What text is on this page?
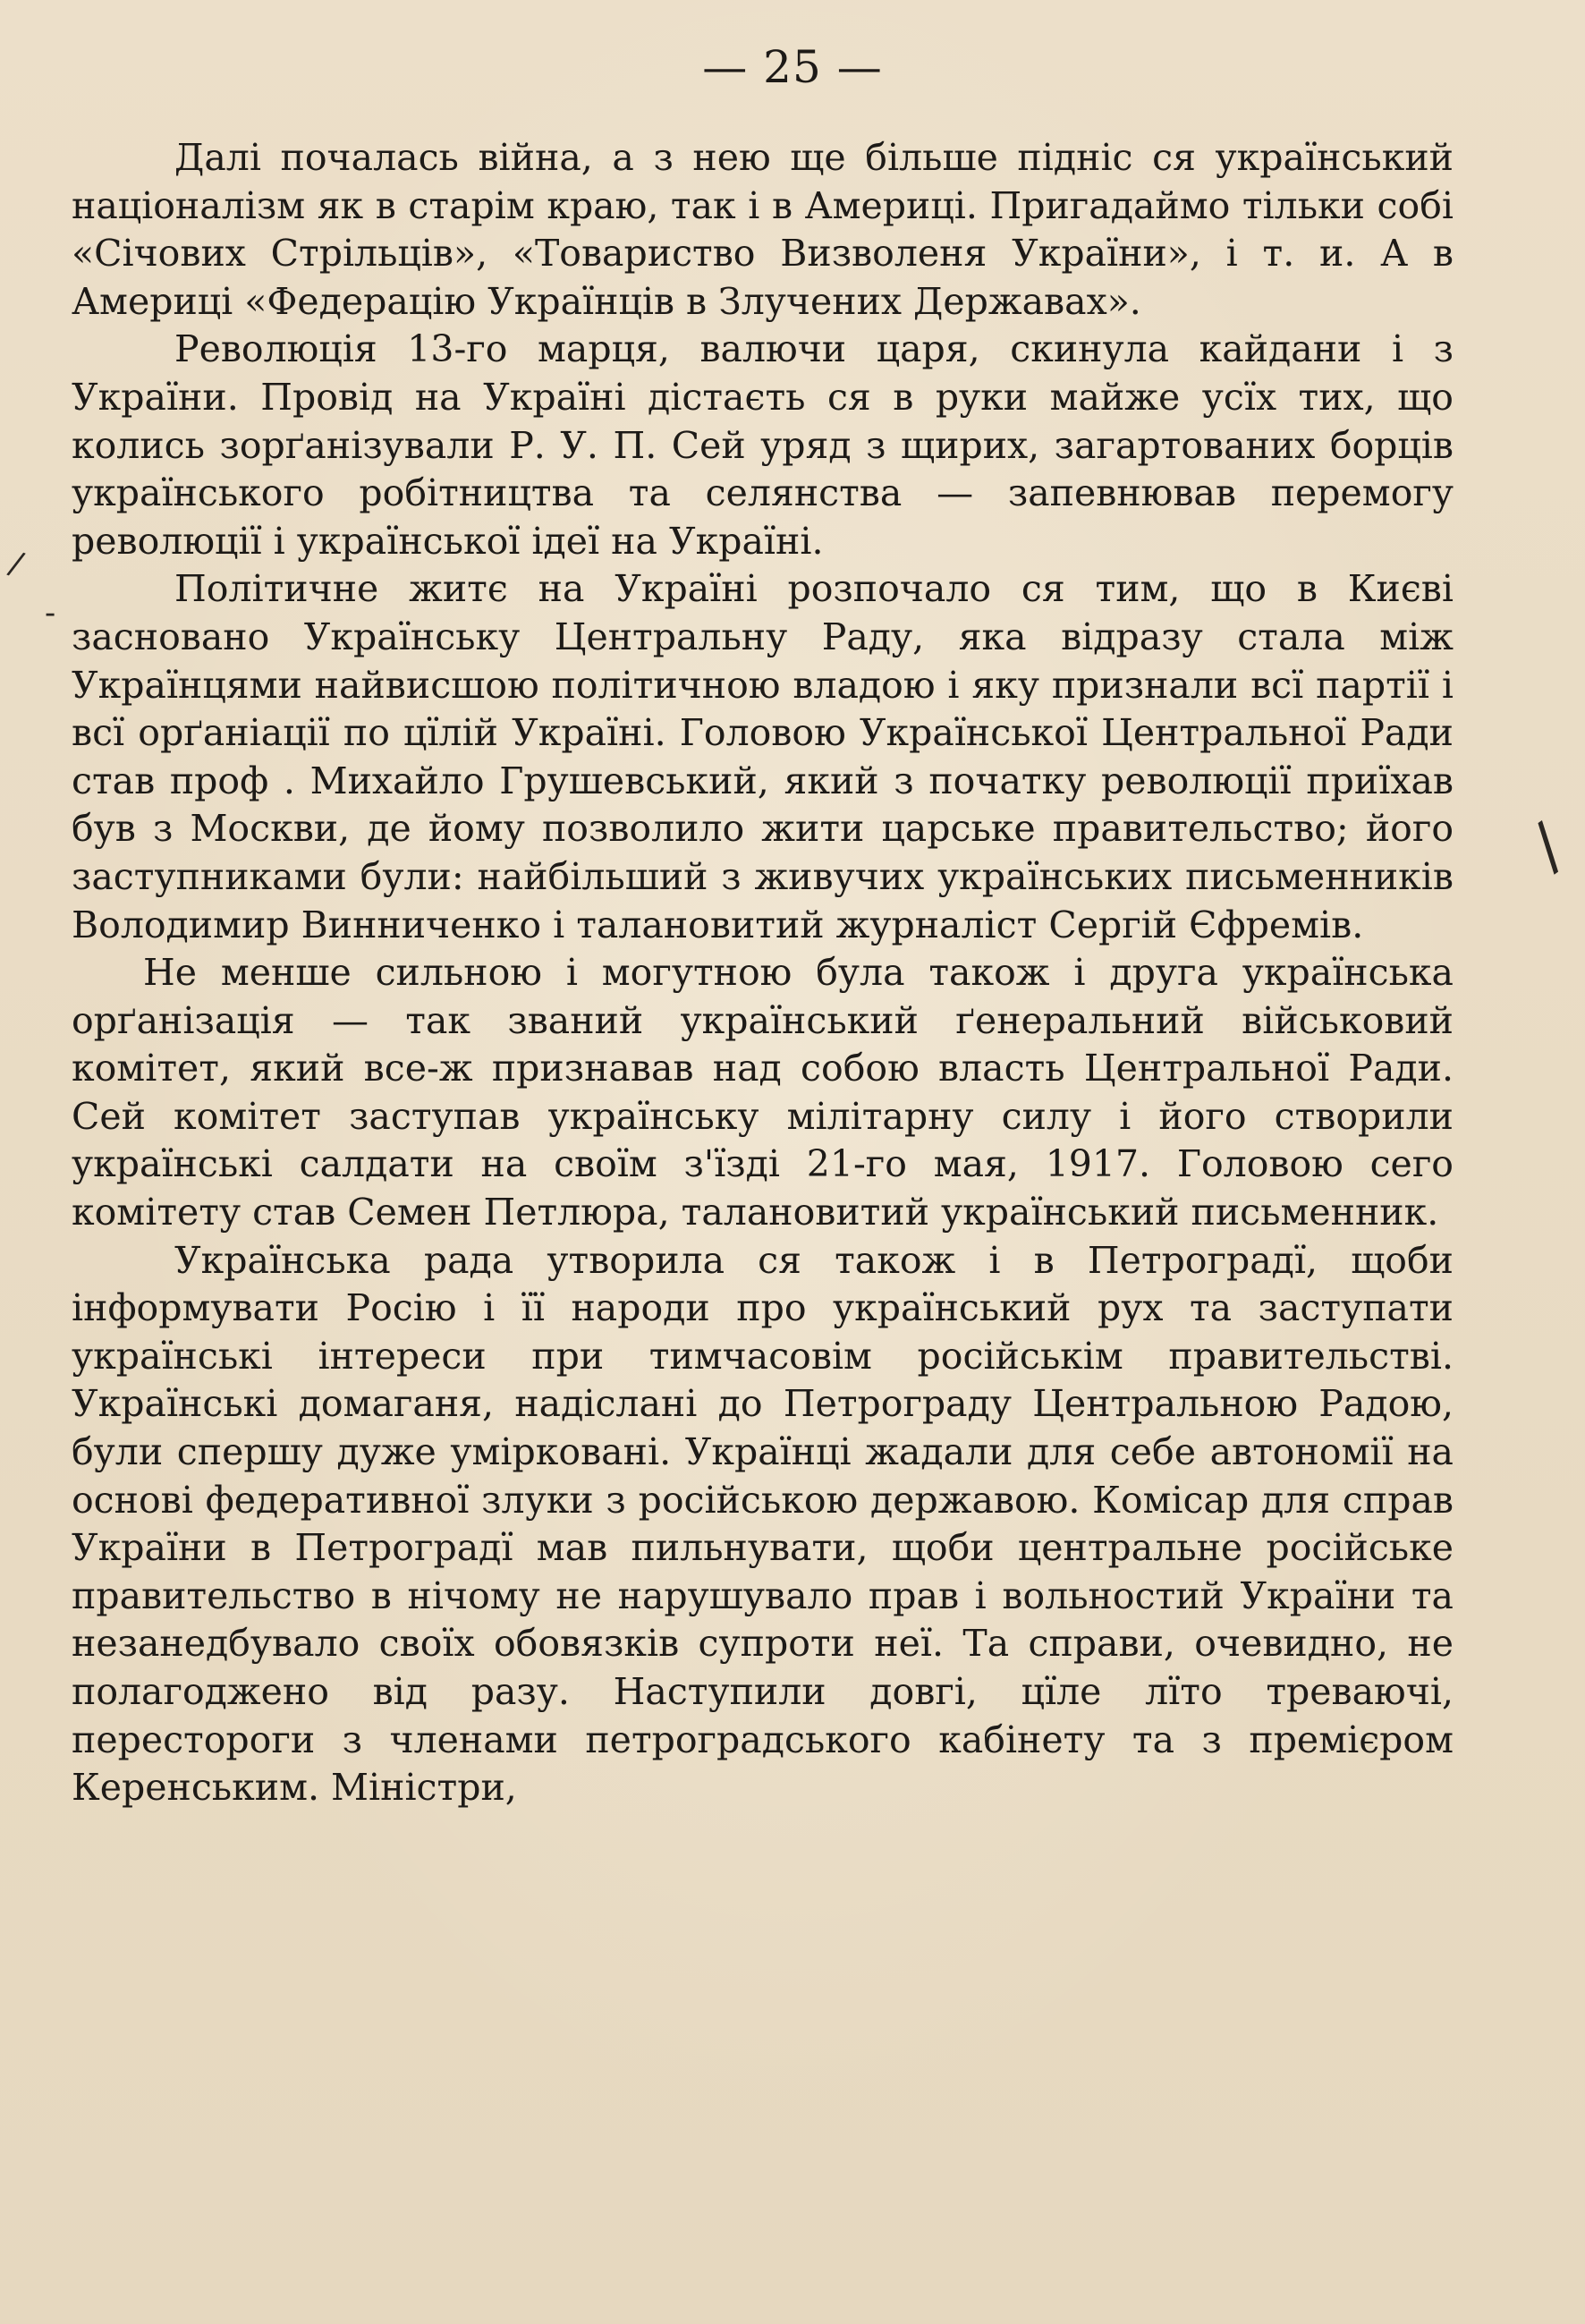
— 25 —

Далі почалась війна, а з нею ще більше підніс ся український націоналізм як в старім краю, так і в Америці. Пригадаймо тільки собі «Січових Стрільців», «Товариство Визволеня України», і т. и. А в Америці «Федерацію Українців в Злучених Державах».

Революція 13-го марця, валючи царя, скинула кайдани і з України. Провід на Україні дістаєть ся в руки майже усїх тих, що колись зорґанізували Р. У. П. Сей уряд з щирих, загартованих борців українського робітництва та селянства — запевнював перемогу революції і української ідеї на Україні.

Політичне житє на Україні розпочало ся тим, що в Києві засновано Українську Центральну Раду, яка відразу стала між Українцями найвисшою політичною владою і яку признали всї партії і всї орґаніації по цїлій Україні. Головою Української Центральної Ради став проф . Михайло Грушевський, який з початку революції приїхав був з Москви, де йому позволило жити царське правительство; його заступниками були: найбільший з живучих українських письменників Володимир Винниченко і талановитий журналіст Сергій Єфремів.

Не менше сильною і могутною була також і друга українська орґанізація — так званий український ґенеральний військовий комітет, який все-ж признавав над собою власть Центральної Ради. Сей комітет заступав українську мілітарну силу і його створили українські салдати на своїм з'їзді 21-го мая, 1917. Головою сего комітету став Семен Петлюра, талановитий український письменник.

Українська рада утворила ся також і в Петроградї, щоби інформувати Росію і її народи про український рух та заступати українські інтереси при тимчасовім російськім правительстві. Українські домаганя, надіслані до Петрограду Центральною Радою, були спершу дуже умірковані. Українці жадали для себе автономії на основі федеративної злуки з російською державою. Комісар для справ України в Петроградї мав пильнувати, щоби центральне російське правительство в нічому не нарушувало прав і вольностий України та незанедбувало своїх обовязків супроти неї. Та справи, очевидно, не полагоджено від разу. Наступили довгі, цїле лїто треваючі, перестороги з членами петроградського кабінету та з премієром Керенським. Міністри,

/
-
/
